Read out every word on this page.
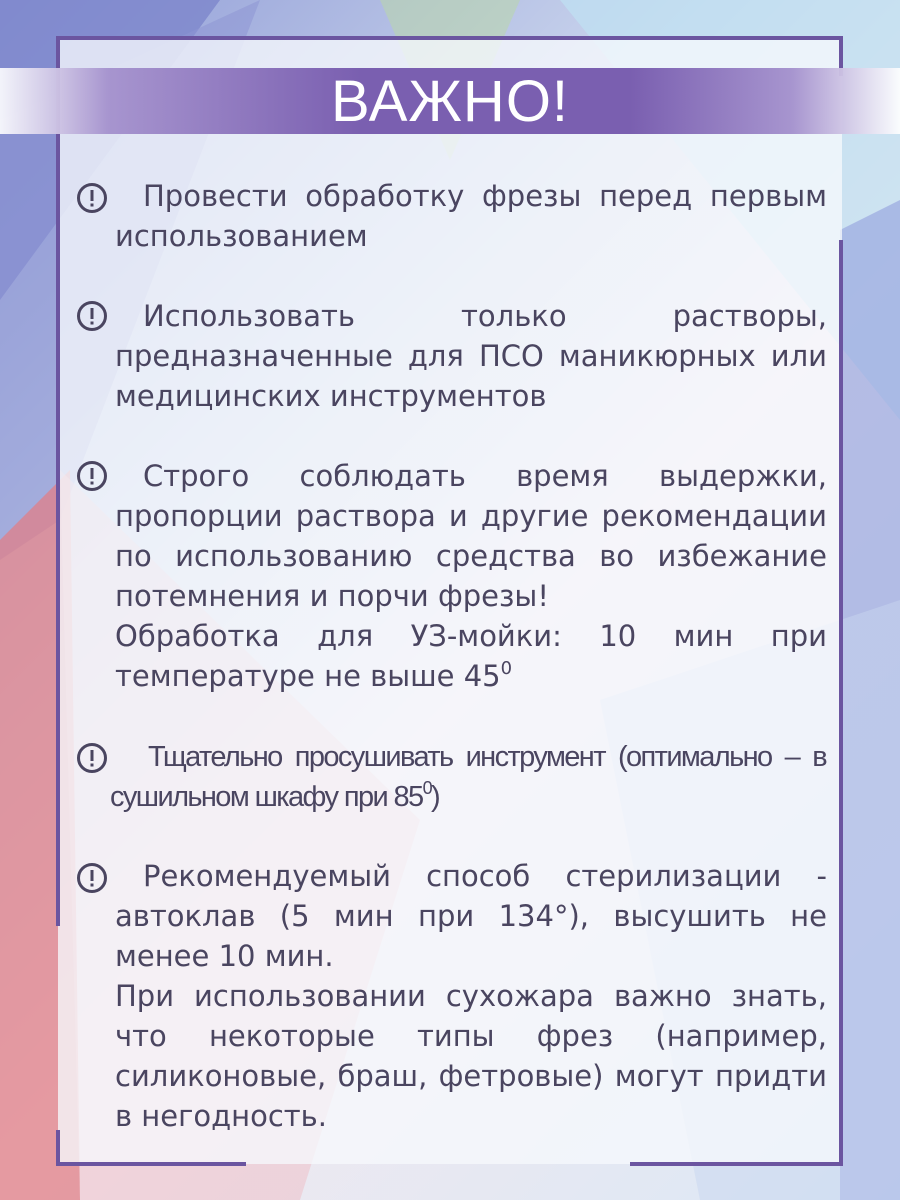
ВАЖНО!

Провести обработку фрезы перед первым использованием

Использовать только растворы, предназначенные для ПСО маникюрных или медицинских инструментов

Строго соблюдать время выдержки, пропорции раствора и другие рекомендации по использованию средства во избежание потемнения и порчи фрезы!

Обработка для УЗ-мойки: 10 мин при температуре не выше $45^0$

Тщательно просушивать инструмент (оптимально – в сушильном шкафу при $85^0$)

Рекомендуемый способ стерилизации - автоклав (5 мин при 134°), высушить не менее 10 мин.

При использовании сухожара важно знать, что некоторые типы фрез (например, силиконовые, браш, фетровые) могут придти в негодность.
